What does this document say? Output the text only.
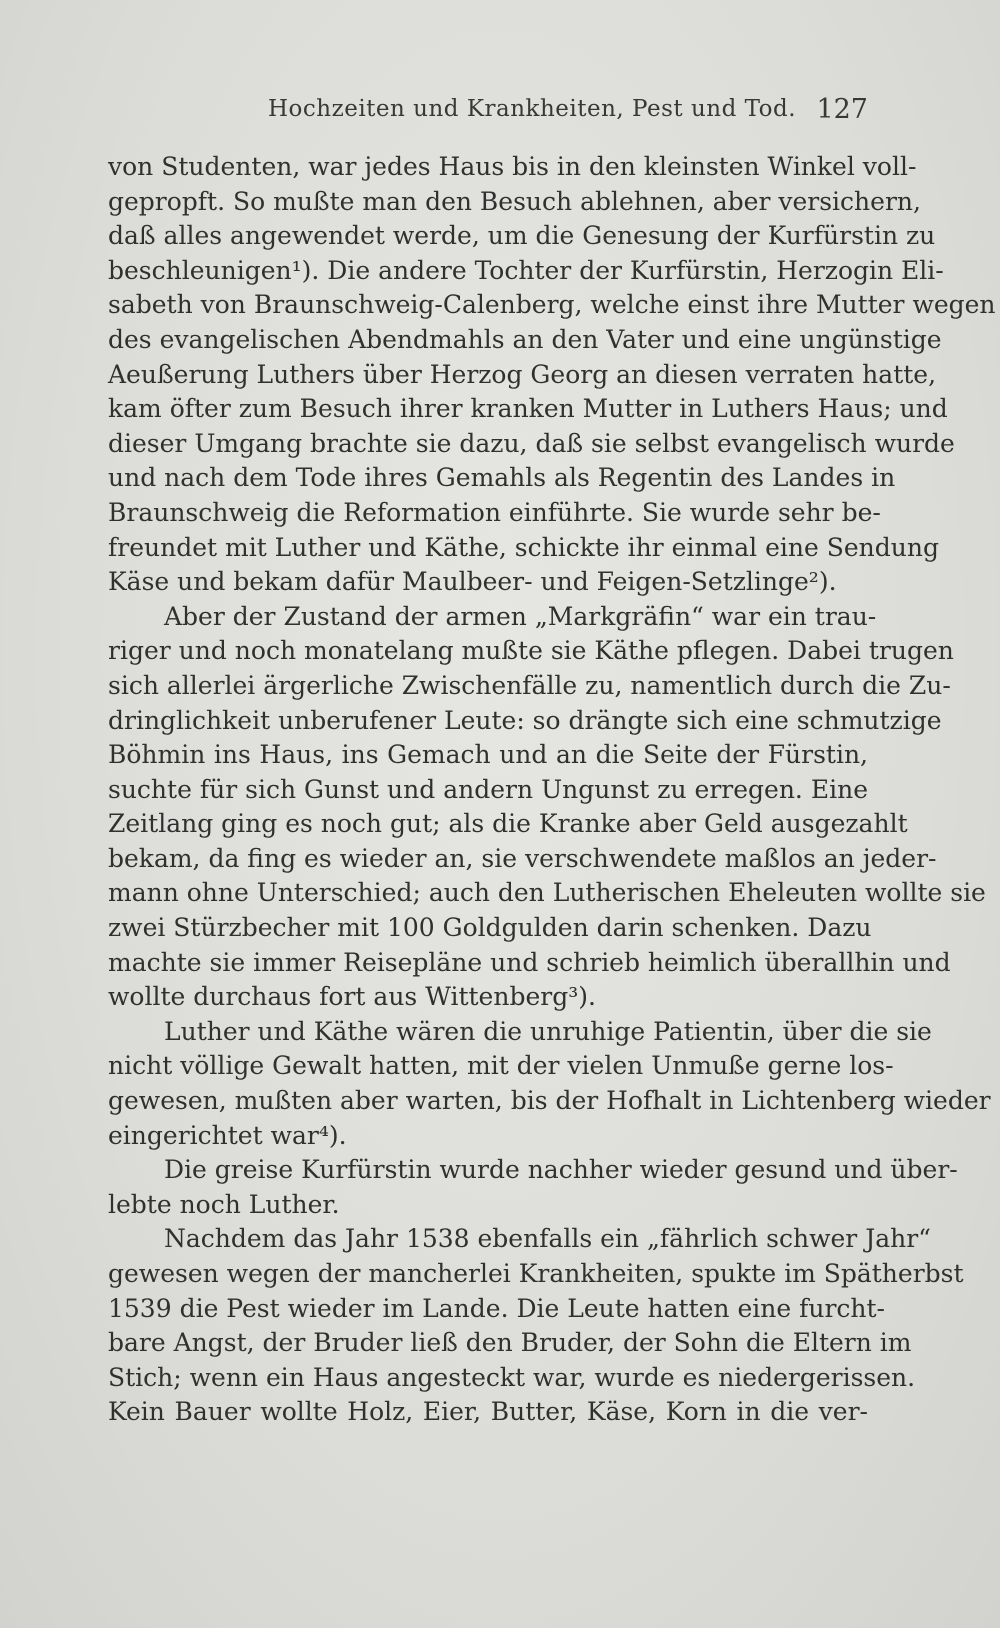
Hochzeiten und Krankheiten, Pest und Tod. 127
von Studenten, war jedes Haus bis in den kleinsten Winkel voll-
gepropft. So mußte man den Besuch ablehnen, aber versichern,
daß alles angewendet werde, um die Genesung der Kurfürstin zu
beschleunigen¹). Die andere Tochter der Kurfürstin, Herzogin Eli-
sabeth von Braunschweig-Calenberg, welche einst ihre Mutter wegen
des evangelischen Abendmahls an den Vater und eine ungünstige
Aeußerung Luthers über Herzog Georg an diesen verraten hatte,
kam öfter zum Besuch ihrer kranken Mutter in Luthers Haus; und
dieser Umgang brachte sie dazu, daß sie selbst evangelisch wurde
und nach dem Tode ihres Gemahls als Regentin des Landes in
Braunschweig die Reformation einführte. Sie wurde sehr be-
freundet mit Luther und Käthe, schickte ihr einmal eine Sendung
Käse und bekam dafür Maulbeer- und Feigen-Setzlinge²).
Aber der Zustand der armen „Markgräfin“ war ein trau-
riger und noch monatelang mußte sie Käthe pflegen. Dabei trugen
sich allerlei ärgerliche Zwischenfälle zu, namentlich durch die Zu-
dringlichkeit unberufener Leute: so drängte sich eine schmutzige
Böhmin ins Haus, ins Gemach und an die Seite der Fürstin,
suchte für sich Gunst und andern Ungunst zu erregen. Eine
Zeitlang ging es noch gut; als die Kranke aber Geld ausgezahlt
bekam, da fing es wieder an, sie verschwendete maßlos an jeder-
mann ohne Unterschied; auch den Lutherischen Eheleuten wollte sie
zwei Stürzbecher mit 100 Goldgulden darin schenken. Dazu
machte sie immer Reisepläne und schrieb heimlich überallhin und
wollte durchaus fort aus Wittenberg³).
Luther und Käthe wären die unruhige Patientin, über die sie
nicht völlige Gewalt hatten, mit der vielen Unmuße gerne los-
gewesen, mußten aber warten, bis der Hofhalt in Lichtenberg wieder
eingerichtet war⁴).
Die greise Kurfürstin wurde nachher wieder gesund und über-
lebte noch Luther.
Nachdem das Jahr 1538 ebenfalls ein „fährlich schwer Jahr“
gewesen wegen der mancherlei Krankheiten, spukte im Spätherbst
1539 die Pest wieder im Lande. Die Leute hatten eine furcht-
bare Angst, der Bruder ließ den Bruder, der Sohn die Eltern im
Stich; wenn ein Haus angesteckt war, wurde es niedergerissen.
Kein Bauer wollte Holz, Eier, Butter, Käse, Korn in die ver-
